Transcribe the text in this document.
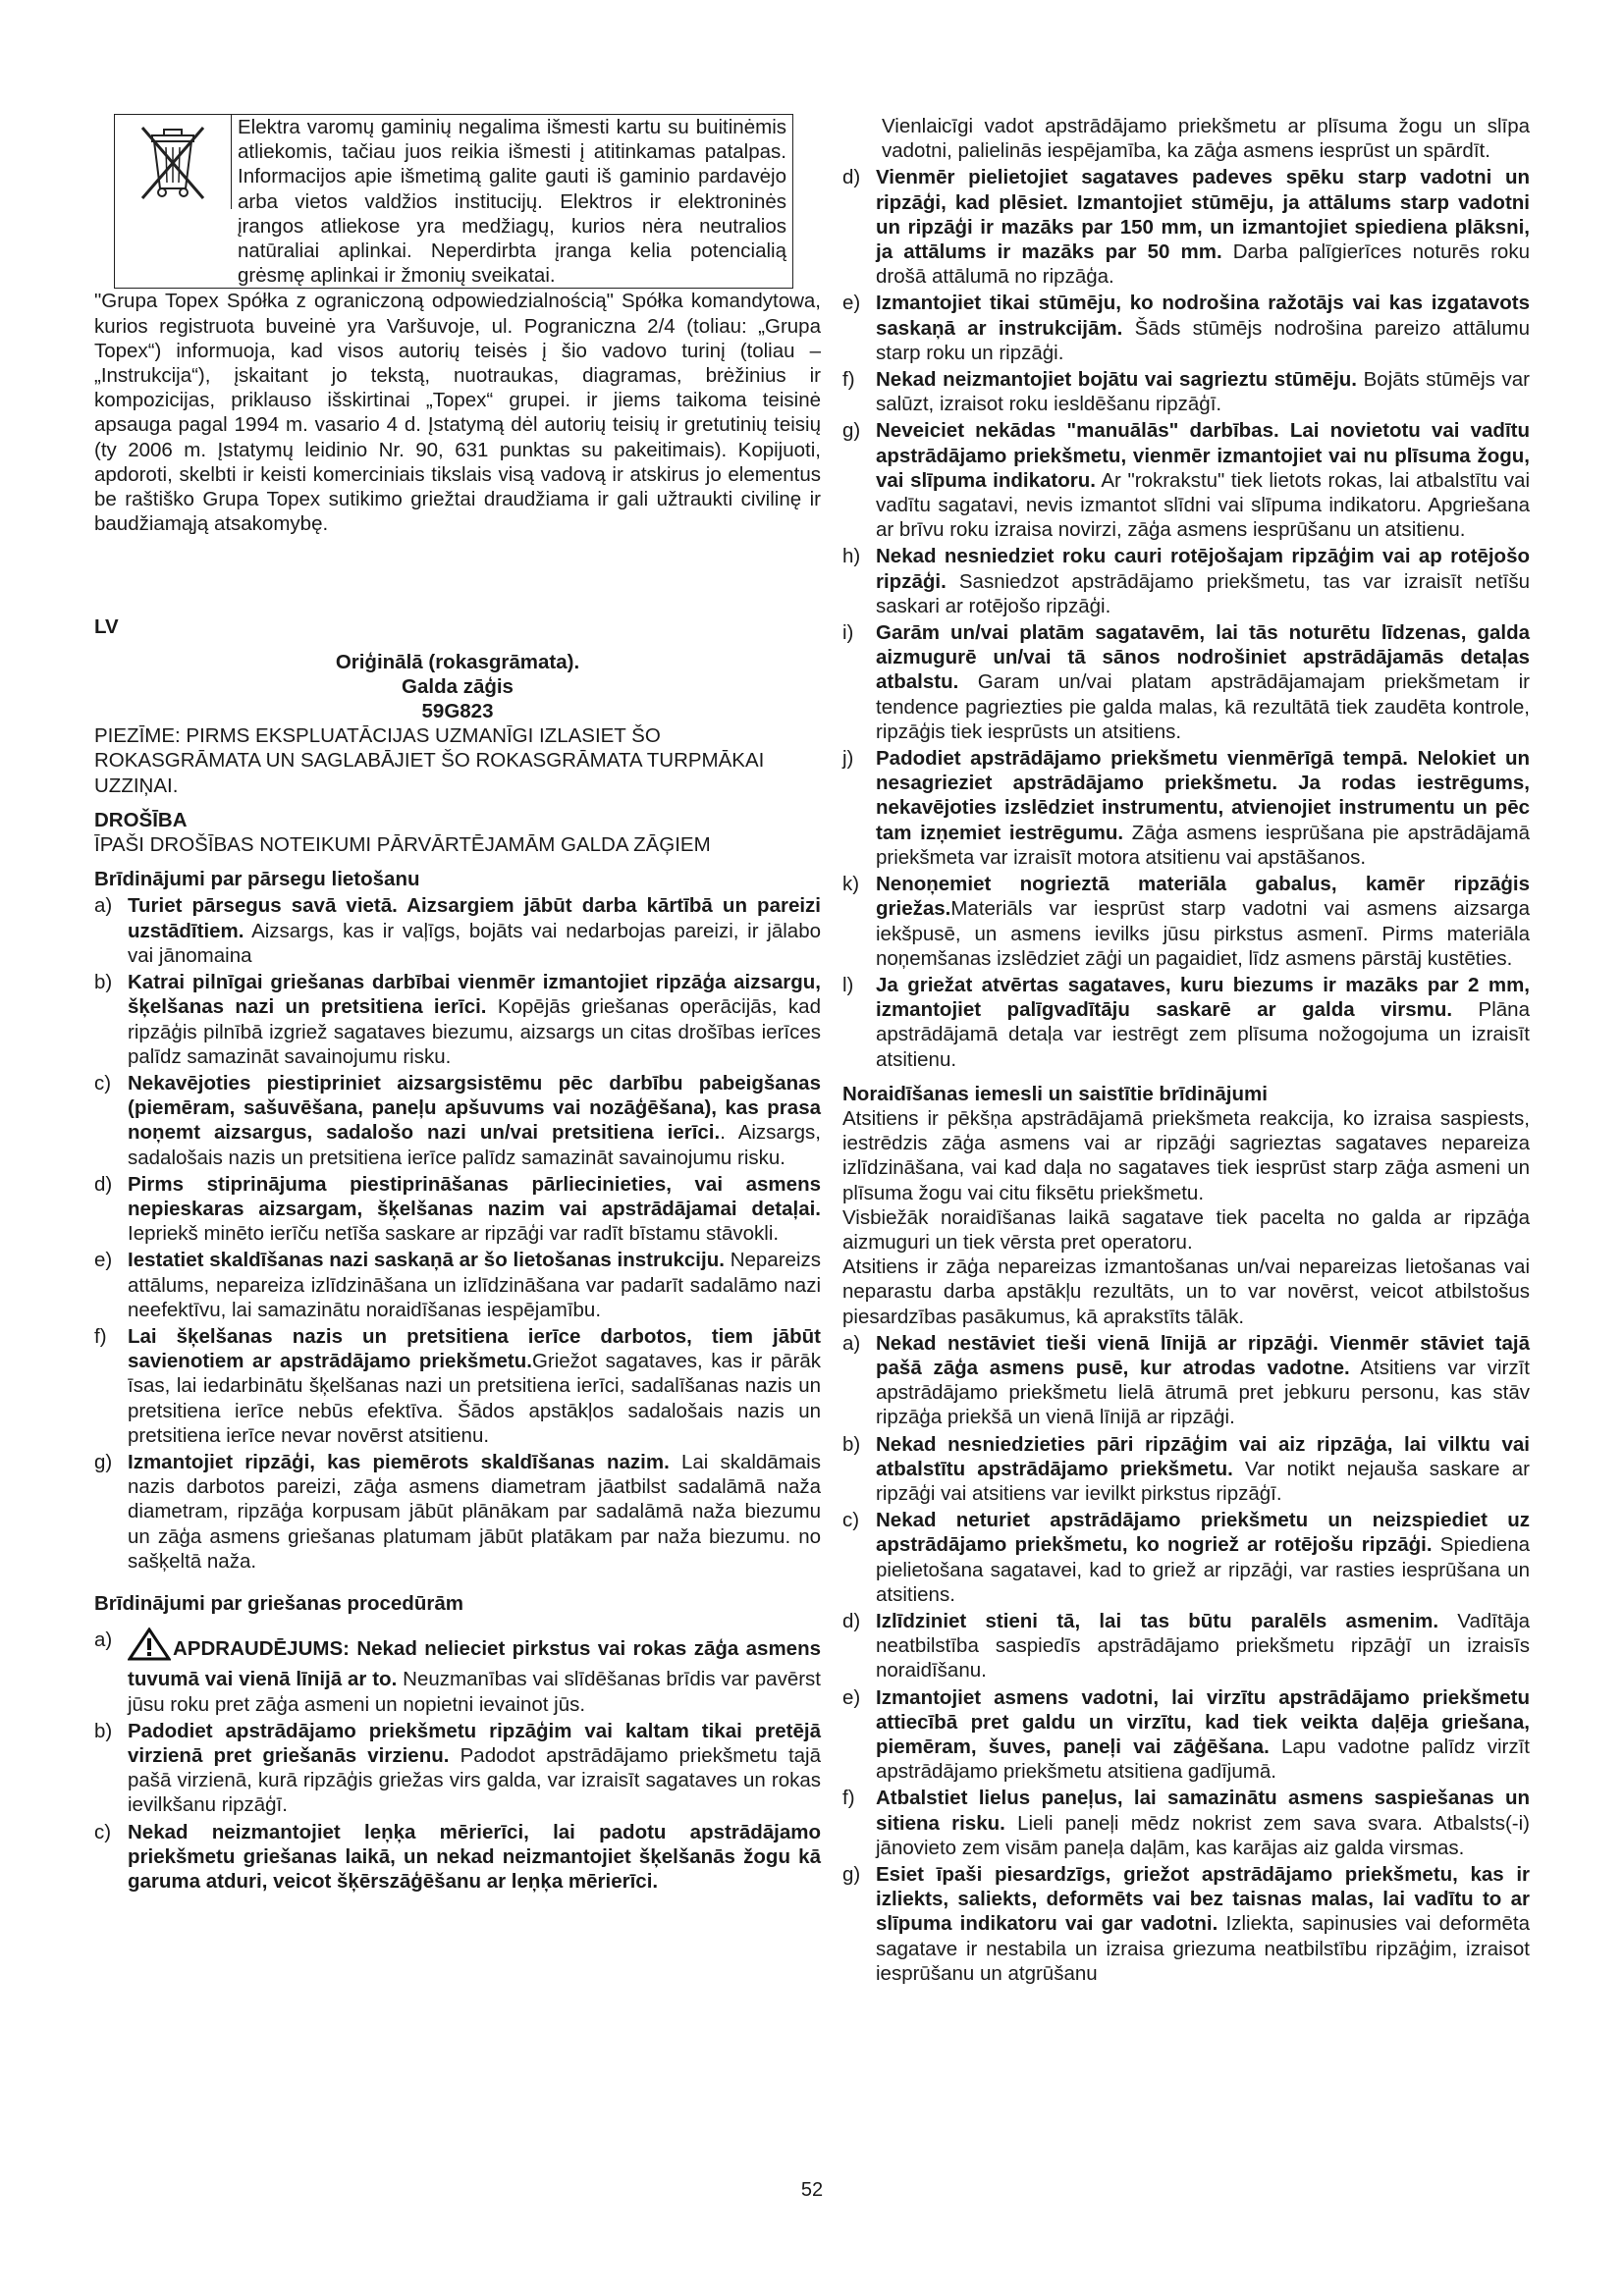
Elektra varomų gaminių negalima išmesti kartu su buitinėmis atliekomis, tačiau juos reikia išmesti į atitinkamas patalpas. Informacijos apie išmetimą galite gauti iš gaminio pardavėjo arba vietos valdžios institucijų. Elektros ir elektroninės įrangos atliekose yra medžiagų, kurios nėra neutralios natūraliai aplinkai. Neperdirbta įranga kelia potencialią grėsmę aplinkai ir žmonių sveikatai.
"Grupa Topex Spółka z ograniczoną odpowiedzialnością" Spółka komandytowa, kurios registruota buveinė yra Varšuvoje, ul. Pograniczna 2/4 (toliau: „Grupa Topex“) informuoja, kad visos autorių teisės į šio vadovo turinį (toliau – „Instrukcija“), įskaitant jo tekstą, nuotraukas, diagramas, brėžinius ir kompozicijas, priklauso išskirtinai „Topex“ grupei. ir jiems taikoma teisinė apsauga pagal 1994 m. vasario 4 d. Įstatymą dėl autorių teisių ir gretutinių teisių (ty 2006 m. Įstatymų leidinio Nr. 90, 631 punktas su pakeitimais). Kopijuoti, apdoroti, skelbti ir keisti komerciniais tikslais visą vadovą ir atskirus jo elementus be raštiško Grupa Topex sutikimo griežtai draudžiama ir gali užtraukti civilinę ir baudžiamąją atsakomybę.
LV
Oriģinālā (rokasgrāmata).
Galda zāģis
59G823
PIEZĪME: PIRMS EKSPLUATĀCIJAS UZMANĪGI IZLASIET ŠO ROKASGRĀMATA UN SAGLABĀJIET ŠO ROKASGRĀMATA TURPMĀKAI UZZIŅAI.
DROŠĪBA
ĪPAŠI DROŠĪBAS NOTEIKUMI PĀRVĀRTĒJAMĀM GALDA ZĀĢIEM
Brīdinājumi par pārsegu lietošanu
a) Turiet pārsegus savā vietā. Aizsargiem jābūt darba kārtībā un pareizi uzstādītiem. Aizsargs, kas ir vaļīgs, bojāts vai nedarbojas pareizi, ir jālabo vai jānomaina
b) Katrai pilnīgai griešanas darbībai vienmēr izmantojiet ripzāģa aizsargu, šķelšanas nazi un pretsitiena ierīci. Kopējās griešanas operācijās, kad ripzāģis pilnībā izgriež sagataves biezumu, aizsargs un citas drošības ierīces palīdz samazināt savainojumu risku.
c) Nekavējoties piestipriniet aizsargsistēmu pēc darbību pabeigšanas (piemēram, sašuvēšana, paneļu apšuvums vai nozāģēšana), kas prasa noņemt aizsargus, sadalošo nazi un/vai pretsitiena ierīci.. Aizsargs, sadalošais nazis un pretsitiena ierīce palīdz samazināt savainojumu risku.
d) Pirms stiprinājuma piestiprināšanas pārliecinieties, vai asmens nepieskaras aizsargam, šķelšanas nazim vai apstrādājamai detaļai. Iepriekš minēto ierīču netīša saskare ar ripzāģi var radīt bīstamu stāvokli.
e) Iestatiet skaldīšanas nazi saskaņā ar šo lietošanas instrukciju. Nepareizs attālums, nepareiza izlīdzināšana un izlīdzināšana var padarīt sadalāmo nazi neefektīvu, lai samazinātu noraidīšanas iespējamību.
f)	Lai šķelšanas nazis un pretsitiena ierīce darbotos, tiem jābūt savienotiem ar apstrādājamo priekšmetu.Griežot sagataves, kas ir pārāk īsas, lai iedarbinātu šķelšanas nazi un pretsitiena ierīci, sadalīšanas nazis un pretsitiena ierīce nebūs efektīva. Šādos apstākļos sadalošais nazis un pretsitiena ierīce nevar novērst atsitienu.
g) Izmantojiet ripzāģi, kas piemērots skaldīšanas nazim. Lai skaldāmais nazis darbotos pareizi, zāģa asmens diametram jāatbilst sadalāmā naža diametram, ripzāģa korpusam jābūt plānākam par sadalāmā naža biezumu un zāģa asmens griešanas platumam jābūt platākam par naža biezumu. no sašķeltā naža.
Brīdinājumi par griešanas procedūrām
a)	APDRAUDĒJUMS: Nekad nelieciet pirkstus vai rokas zāģa asmens tuvumā vai vienā līnijā ar to. Neuzmanības vai slīdēšanas brīdis var pavērst jūsu roku pret zāģa asmeni un nopietni ievainot jūs.
b) Padodiet apstrādājamo priekšmetu ripzāģim vai kaltam tikai pretējā virzienā pret griešanās virzienu. Padodot apstrādājamo priekšmetu tajā pašā virzienā, kurā ripzāģis griežas virs galda, var izraisīt sagataves un rokas ievilkšanu ripzāģī.
c) Nekad neizmantojiet leņķa mērierīci, lai padotu apstrādājamo priekšmetu griešanas laikā, un nekad neizmantojiet šķelšanās žogu kā garuma atduri, veicot šķērszāģēšanu ar leņķa mērierīci.
Vienlaicīgi vadot apstrādājamo priekšmetu ar plīsuma žogu un slīpa vadotni, palielinās iespējamība, ka zāģa asmens iesprūst un spārdīt.
d) Vienmēr pielietojiet sagataves padeves spēku starp vadotni un ripzāģi, kad plēsiet. Izmantojiet stūmēju, ja attālums starp vadotni un ripzāģi ir mazāks par 150 mm, un izmantojiet spiediena plāksni, ja attālums ir mazāks par 50 mm. Darba palīgierīces noturēs roku drošā attālumā no ripzāģa.
e) Izmantojiet tikai stūmēju, ko nodrošina ražotājs vai kas izgatavots saskaņā ar instrukcijām. Šāds stūmējs nodrošina pareizo attālumu starp roku un ripzāģi.
f)	Nekad neizmantojiet bojātu vai sagrieztu stūmēju. Bojāts stūmējs var salūzt, izraisot roku iesldēšanu ripzāģī.
g) Neveiciet nekādas "manuālās" darbības. Lai novietotu vai vadītu apstrādājamo priekšmetu, vienmēr izmantojiet vai nu plīsuma žogu, vai slīpuma indikatoru. Ar "rokrakstu" tiek lietots rokas, lai atbalstītu vai vadītu sagatavi, nevis izmantot slīdni vai slīpuma indikatoru. Apgriešana ar brīvu roku izraisa novirzi, zāģa asmens iesprūšanu un atsitienu.
h) Nekad nesniedziet roku cauri rotējošajam ripzāģim vai ap rotējošo ripzāģi. Sasniedzot apstrādājamo priekšmetu, tas var izraisīt netīšu saskari ar rotējošo ripzāģi.
i)	Garām un/vai platām sagatavēm, lai tās noturētu līdzenas, galda aizmugurē un/vai tā sānos nodrošiniet apstrādājamās detaļas atbalstu. Garam un/vai platam apstrādājamajam priekšmetam ir tendence pagriezties pie galda malas, kā rezultātā tiek zaudēta kontrole, ripzāģis tiek iesprūsts un atsitiens.
j)	Padodiet apstrādājamo priekšmetu vienmērīgā tempā. Nelokiet un nesagrieziet apstrādājamo priekšmetu. Ja rodas iestrēgums, nekavējoties izslēdziet instrumentu, atvienojiet instrumentu un pēc tam izņemiet iestrēgumu. Zāģa asmens iesprūšana pie apstrādājamā priekšmeta var izraisīt motora atsitienu vai apstāšanos.
k) Nenoņemiet nogrieztā materiāla gabalus, kamēr ripzāģis griežas.Materiāls var iesprūst starp vadotni vai asmens aizsarga iekšpusē, un asmens ievilks jūsu pirkstus asmenī. Pirms materiāla noņemšanas izslēdziet zāģi un pagaidiet, līdz asmens pārstāj kustēties.
l)	Ja griežat atvērtas sagataves, kuru biezums ir mazāks par 2 mm, izmantojiet palīgvadītāju saskarē ar galda virsmu. Plāna apstrādājamā detaļa var iestrēgt zem plīsuma nožogojuma un izraisīt atsitienu.
Noraidīšanas iemesli un saistītie brīdinājumi
Atsitiens ir pēkšņa apstrādājamā priekšmeta reakcija, ko izraisa saspiests, iestrēdzis zāģa asmens vai ar ripzāģi sagrieztas sagataves nepareiza izlīdzināšana, vai kad daļa no sagataves tiek iesprūst starp zāģa asmeni un plīsuma žogu vai citu fiksētu priekšmetu.
Visbiežāk noraidīšanas laikā sagatave tiek pacelta no galda ar ripzāģa aizmuguri un tiek vērsta pret operatoru.
Atsitiens ir zāģa nepareizas izmantošanas un/vai nepareizas lietošanas vai neparastu darba apstākļu rezultāts, un to var novērst, veicot atbilstošus piesardzības pasākumus, kā aprakstīts tālāk.
a) Nekad nestāviet tieši vienā līnijā ar ripzāģi. Vienmēr stāviet tajā pašā zāģa asmens pusē, kur atrodas vadotne. Atsitiens var virzīt apstrādājamo priekšmetu lielā ātrumā pret jebkuru personu, kas stāv ripzāģa priekšā un vienā līnijā ar ripzāģi.
b) Nekad nesniedzieties pāri ripzāģim vai aiz ripzāģa, lai vilktu vai atbalstītu apstrādājamo priekšmetu. Var notikt nejauša saskare ar ripzāģi vai atsitiens var ievilkt pirkstus ripzāģī.
c) Nekad neturiet apstrādājamo priekšmetu un neizspiediet uz apstrādājamo priekšmetu, ko nogriež ar rotējošu ripzāģi. Spiediena pielietošana sagatavei, kad to griež ar ripzāģi, var rasties iesprūšana un atsitiens.
d) Izlīdziniet stieni tā, lai tas būtu paralēls asmenim. Vadītāja neatbilstība saspiedīs apstrādājamo priekšmetu ripzāģī un izraisīs noraidīšanu.
e) Izmantojiet asmens vadotni, lai virzītu apstrādājamo priekšmetu attiecībā pret galdu un virzītu, kad tiek veikta daļēja griešana, piemēram, šuves, paneļi vai zāģēšana. Lapu vadotne palīdz virzīt apstrādājamo priekšmetu atsitiena gadījumā.
f)	Atbalstiet lielus paneļus, lai samazinātu asmens saspiešanas un sitiena risku. Lieli paneļi mēdz nokrist zem sava svara. Atbalsts(-i) jānovieto zem visām paneļa daļām, kas karājas aiz galda virsmas.
g) Esiet īpaši piesardzīgs, griežot apstrādājamo priekšmetu, kas ir izliekts, saliekts, deformēts vai bez taisnas malas, lai vadītu to ar slīpuma indikatoru vai gar vadotni. Izliekta, sapinusies vai deformēta sagatave ir nestabila un izraisa griezuma neatbilstību ripzāģim, izraisot iesprūšanu un atgrūšanu
52
